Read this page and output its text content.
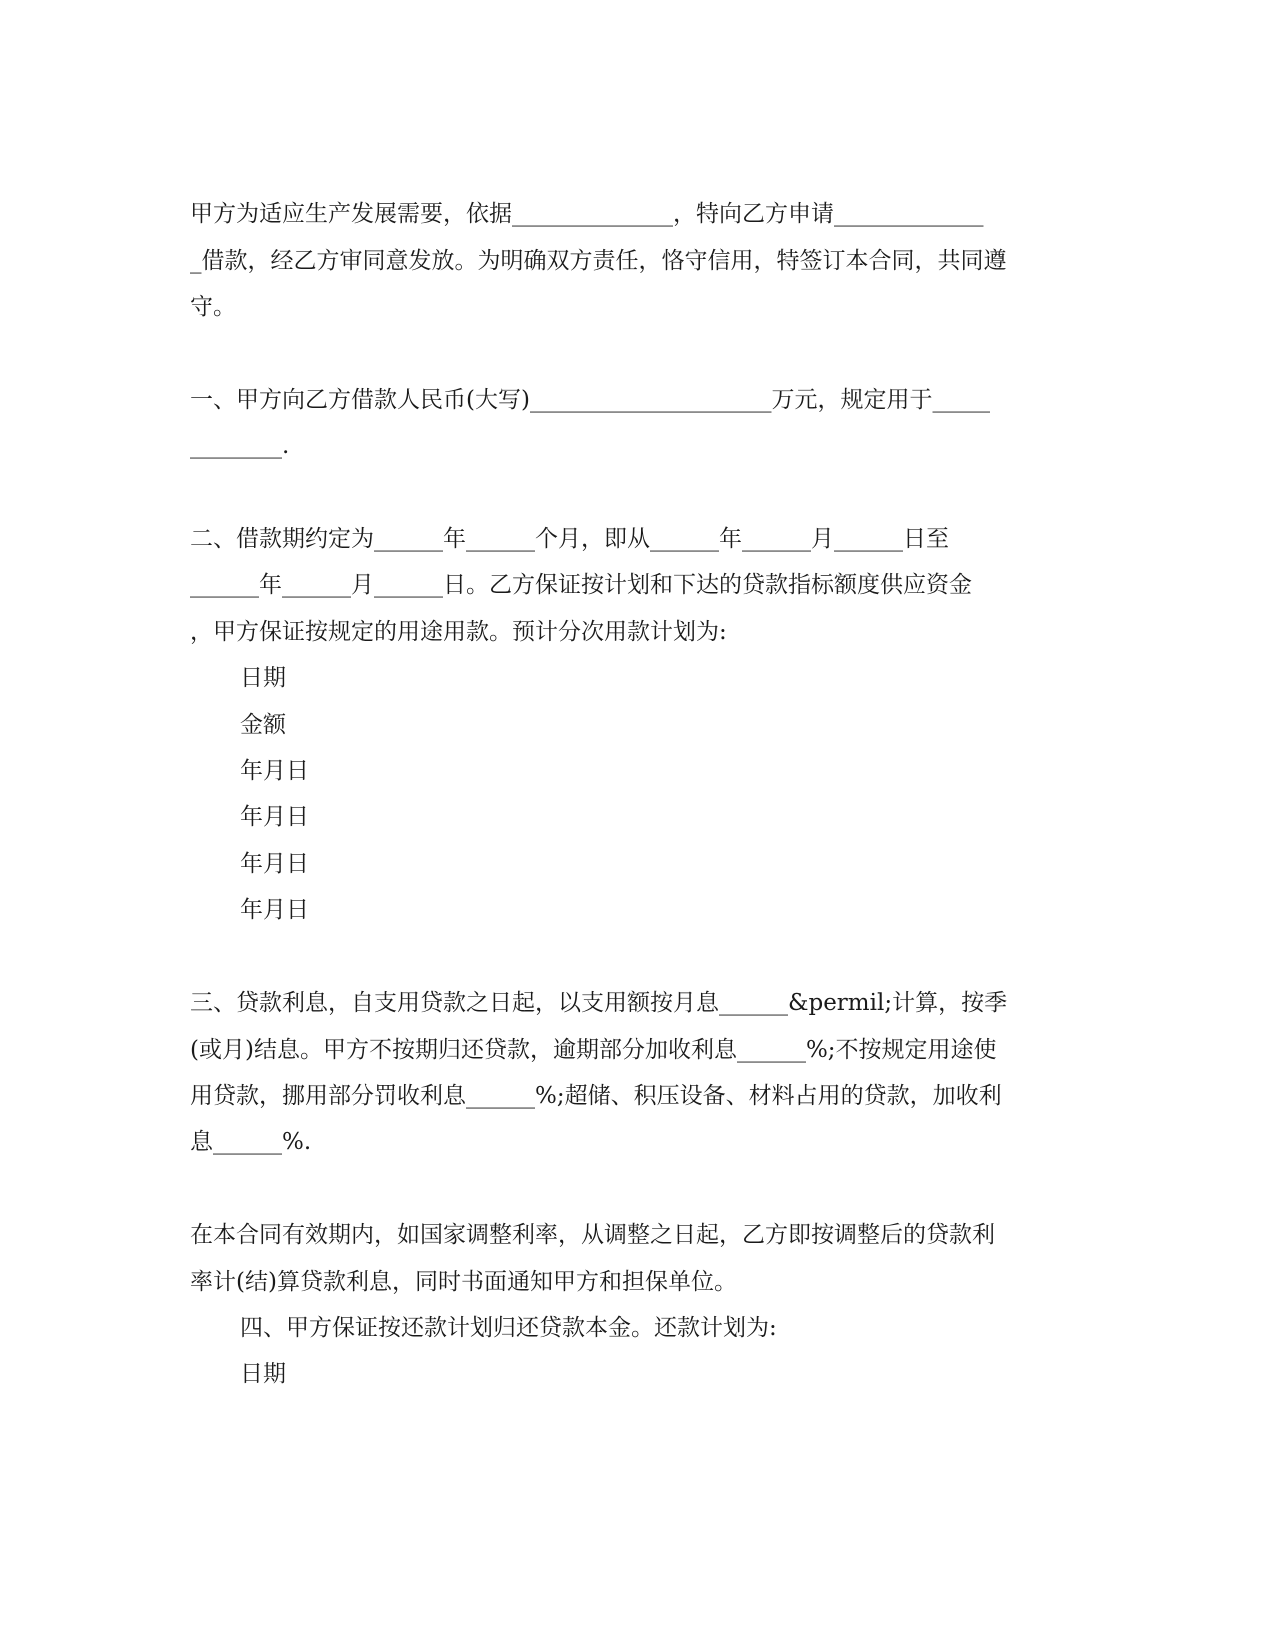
甲方为适应生产发展需要，依据______________，特向乙方申请_____________
_借款，经乙方审同意发放。为明确双方责任，恪守信用，特签订本合同，共同遵
守。
一、甲方向乙方借款人民币(大写)_____________________万元，规定用于_____
________.
二、借款期约定为______年______个月，即从______年______月______日至
______年______月______日。乙方保证按计划和下达的贷款指标额度供应资金
，甲方保证按规定的用途用款。预计分次用款计划为:
日期
金额
年月日
年月日
年月日
年月日
三、贷款利息，自支用贷款之日起，以支用额按月息______&permil;计算，按季
(或月)结息。甲方不按期归还贷款，逾期部分加收利息______%;不按规定用途使
用贷款，挪用部分罚收利息______%;超储、积压设备、材料占用的贷款，加收利
息______%.
在本合同有效期内，如国家调整利率，从调整之日起，乙方即按调整后的贷款利
率计(结)算贷款利息，同时书面通知甲方和担保单位。
四、甲方保证按还款计划归还贷款本金。还款计划为:
日期
